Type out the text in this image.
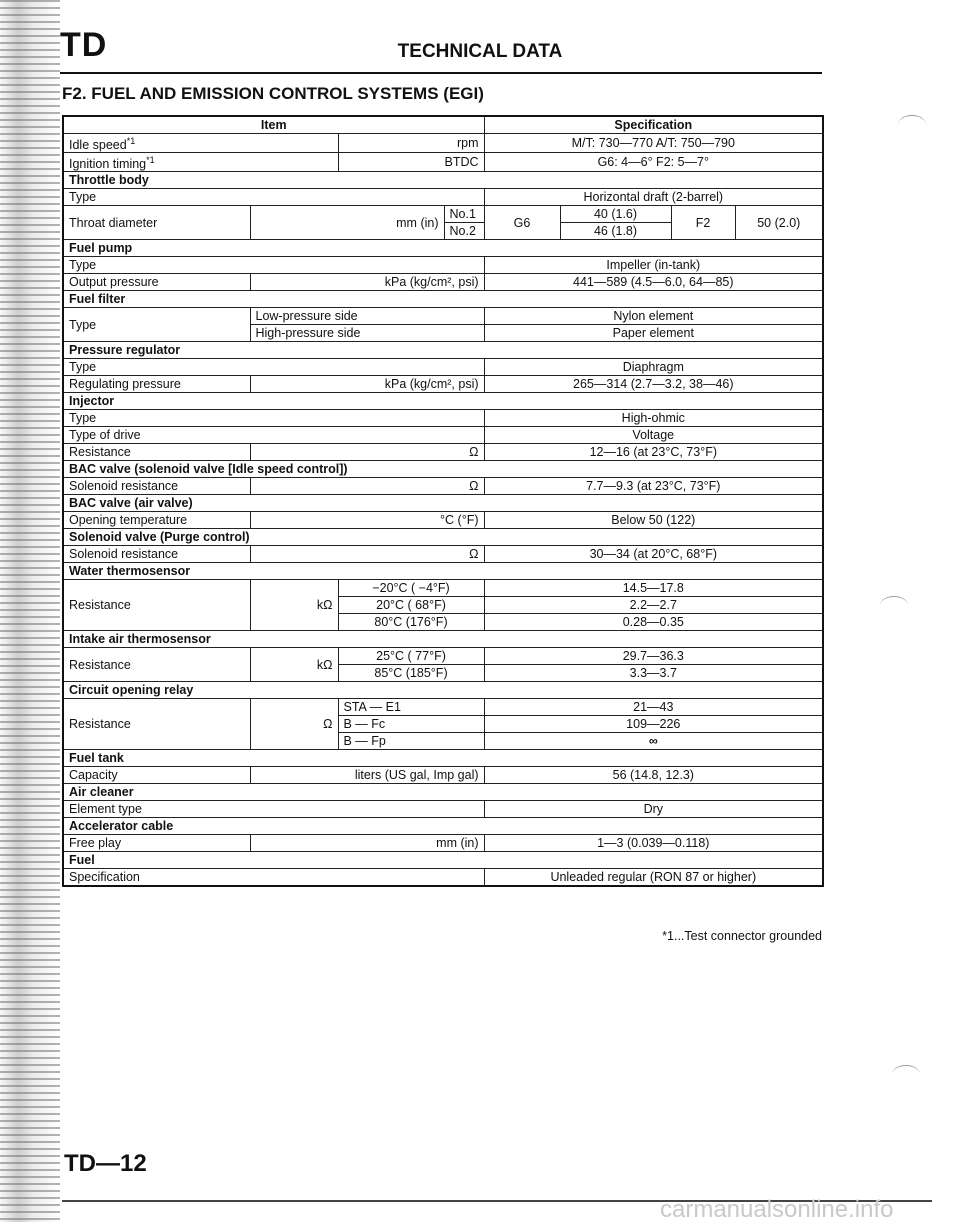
TD	TECHNICAL DATA
F2. FUEL AND EMISSION CONTROL SYSTEMS (EGI)
Item				Specification			
Idle speed$^{*1}$		rpm		M/T: 730—770 A/T: 750—790			
Ignition timing$^{*1}$		BTDC		G6: 4—6° F2: 5—7°			
Throttle body							
Type				Horizontal draft (2-barrel)			
Throat diameter	mm (in)		No.1	G6	40 (1.6)	F2	50 (2.0)
			No.2		46 (1.8)		
Fuel pump							
Type				Impeller (in-tank)			
Output pressure	kPa (kg/cm², psi)			441—589 (4.5—6.0, 64—85)			
Fuel filter							
Type	Low-pressure side			Nylon element			
	High-pressure side			Paper element			
Pressure regulator							
Type				Diaphragm			
Regulating pressure	kPa (kg/cm², psi)			265—314 (2.7—3.2, 38—46)			
Injector							
Type				High-ohmic			
Type of drive				Voltage			
Resistance	Ω			12—16 (at 23°C, 73°F)			
BAC valve (solenoid valve [Idle speed control])							
Solenoid resistance	Ω			7.7—9.3 (at 23°C, 73°F)			
BAC valve (air valve)							
Opening temperature	°C (°F)			Below 50 (122)			
Solenoid valve (Purge control)							
Solenoid resistance	Ω			30—34 (at 20°C, 68°F)			
Water thermosensor							
Resistance	kΩ	−20°C ( −4°F)		14.5—17.8			
		20°C ( 68°F)		2.2—2.7			
		80°C (176°F)		0.28—0.35			
Intake air thermosensor							
Resistance	kΩ	25°C ( 77°F)		29.7—36.3			
		85°C (185°F)		3.3—3.7			
Circuit opening relay							
Resistance	Ω	STA — E1		21—43			
		B — Fc		109—226			
		B — Fp		∞			
Fuel tank							
Capacity	liters (US gal, Imp gal)			56 (14.8, 12.3)			
Air cleaner							
Element type				Dry			
Accelerator cable							
Free play	mm (in)			1—3 (0.039—0.118)			
Fuel							
Specification				Unleaded regular (RON 87 or higher)			
*1...Test connector grounded
TD—12
carmanualsonline.info
